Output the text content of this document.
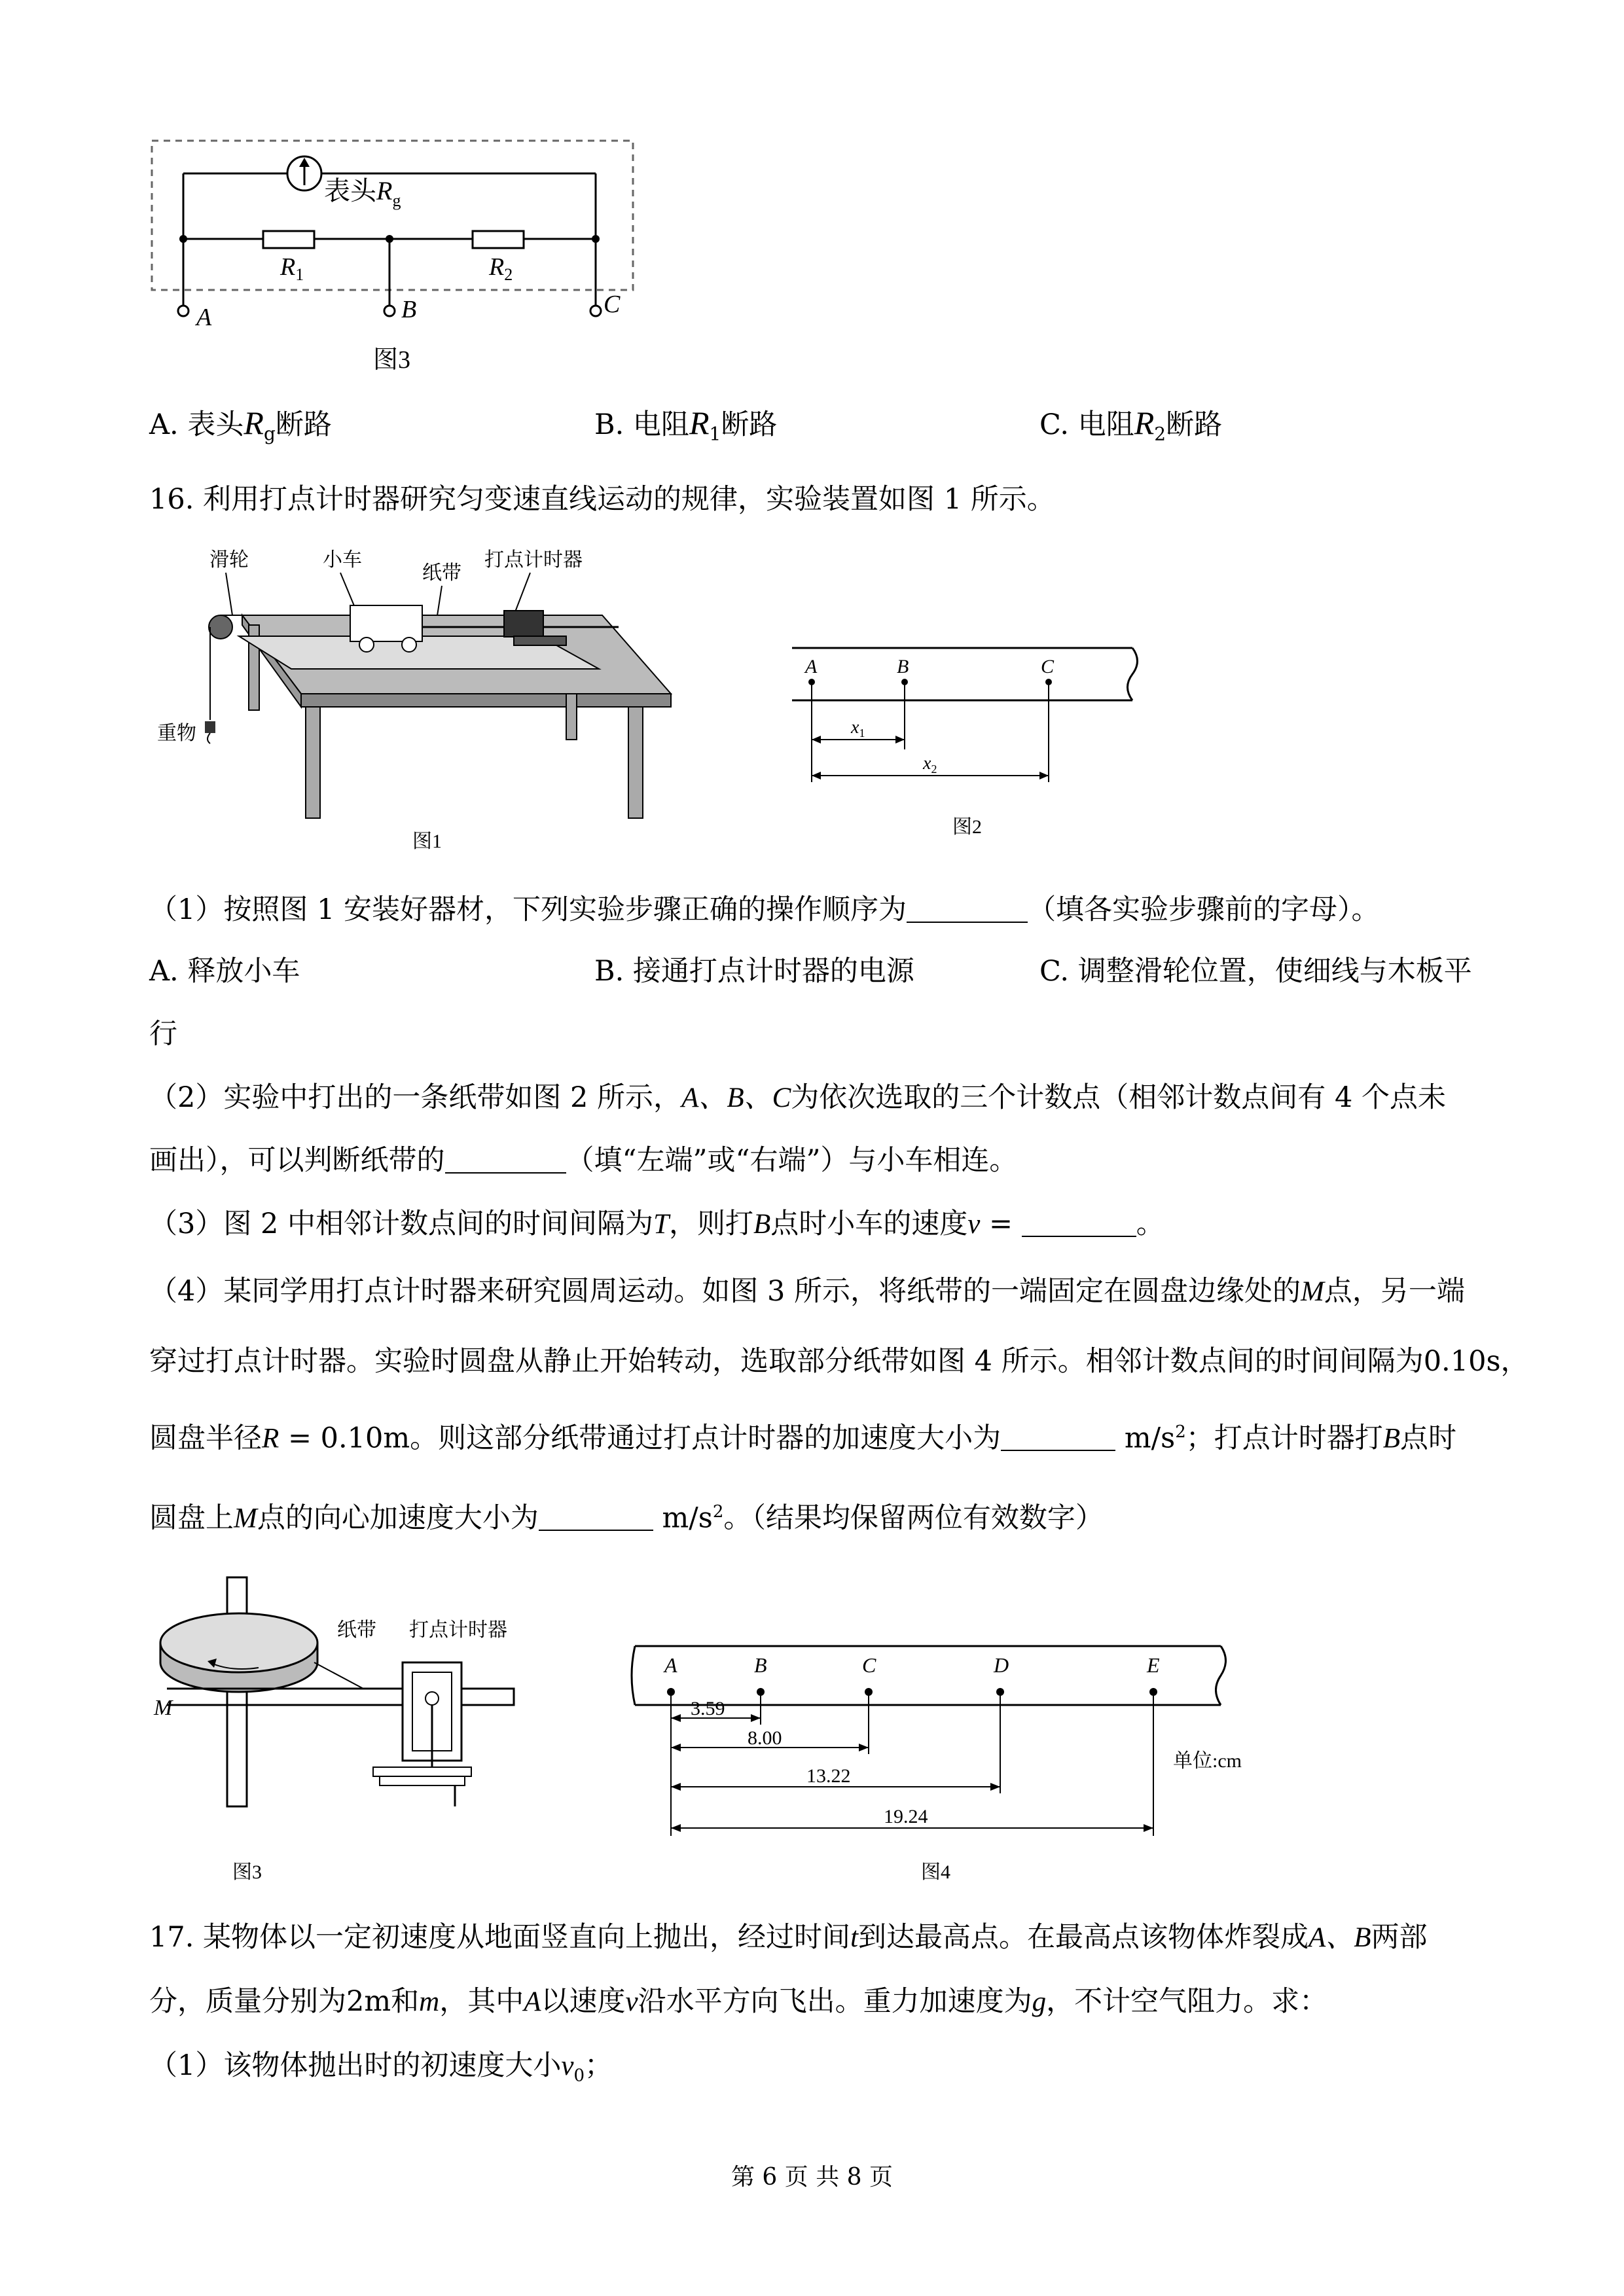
表头$R_g$
$R_1$	$R_2$
A	B	C
图3
A. 表头$R_g$断路	B. 电阻$R_1$断路	C. 电阻$R_2$断路
16. 利用打点计时器研究匀变速直线运动的规律，实验装置如图 1 所示。
滑轮	小车
纸带
打点计时器
重物
图1
A	B	C
$x_1$
$x_2$
图2
（1）按照图 1 安装好器材，下列实验步骤正确的操作顺序为	（填各实验步骤前的字母）。
A. 释放小车	B. 接通打点计时器的电源	C. 调整滑轮位置，使细线与木板平
行
（2）实验中打出的一条纸带如图 2 所示，A、B、C为依次选取的三个计数点（相邻计数点间有 4 个点未
画出），可以判断纸带的	（填“左端”或“右端”）与小车相连。
（3）图 2 中相邻计数点间的时间间隔为T，则打B点时小车的速度v =	。
（4）某同学用打点计时器来研究圆周运动。如图 3 所示，将纸带的一端固定在圆盘边缘处的M点，另一端
穿过打点计时器。实验时圆盘从静止开始转动，选取部分纸带如图 4 所示。相邻计数点间的时间间隔为0.10s，
圆盘半径R = 0.10m。则这部分纸带通过打点计时器的加速度大小为	$m/s^2$；打点计时器打B点时
圆盘上M点的向心加速度大小为	$m/s^2$。（结果均保留两位有效数字）
M
纸带 打点计时器
图3
A	B	C	D	E
3.59
8.00
13.22
19.24
单位:cm
图4
17. 某物体以一定初速度从地面竖直向上抛出，经过时间t到达最高点。在最高点该物体炸裂成A、B两部
分，质量分别为2m和m，其中A以速度v沿水平方向飞出。重力加速度为g，不计空气阻力。求：
（1）该物体抛出时的初速度大小$v_0$；
第 6 页 共 8 页
